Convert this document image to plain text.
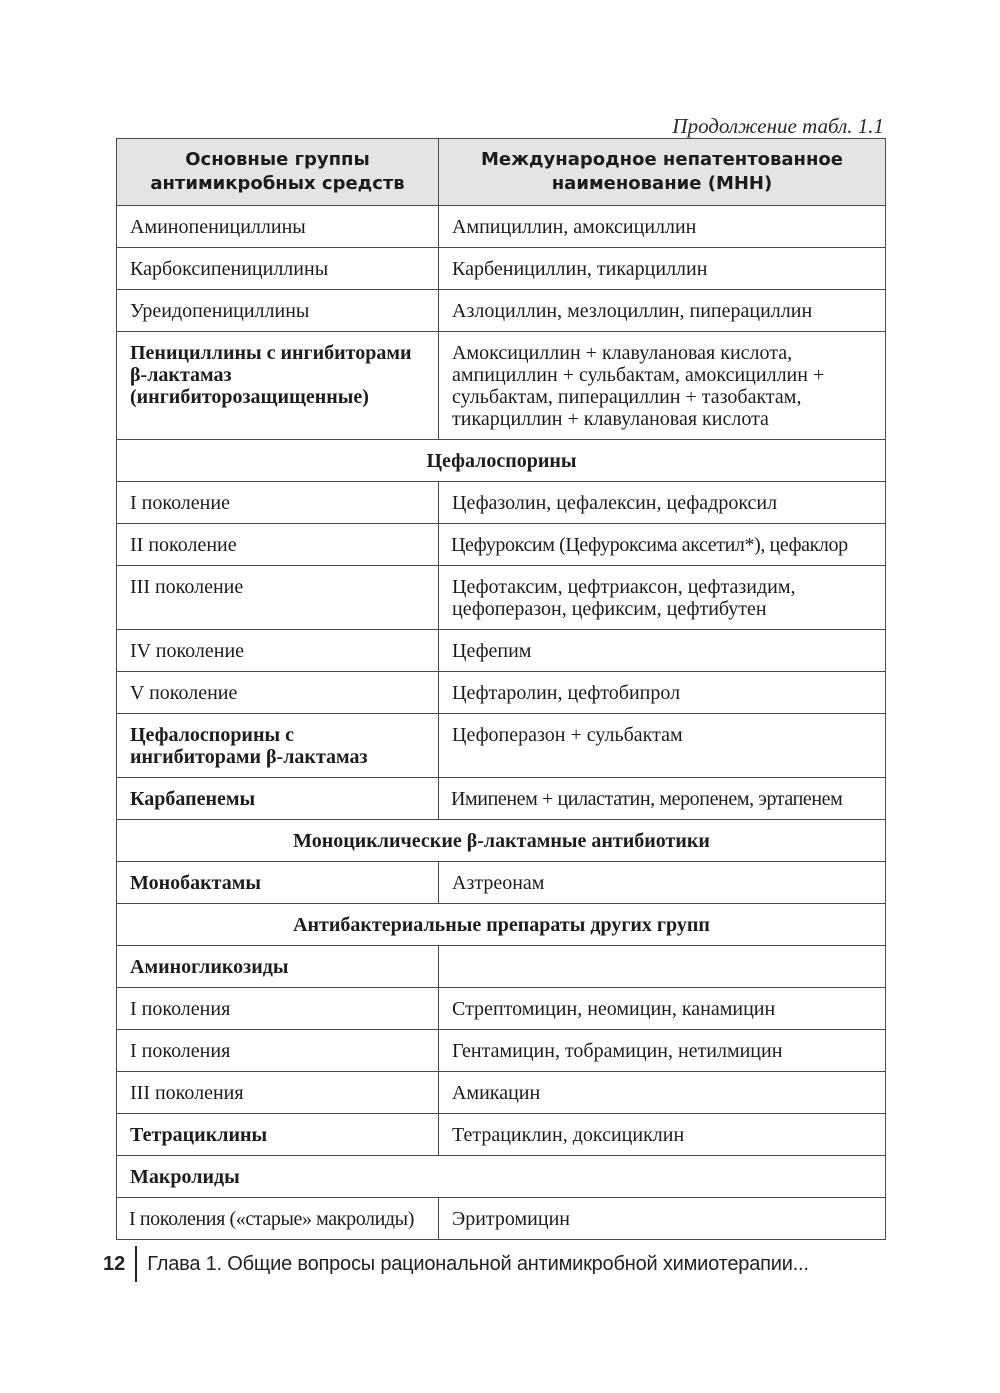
Продолжение табл. 1.1
Основные группы антимикробных средств	Международное непатентованное наименование (МНН)
Аминопенициллины	Ампициллин, амоксициллин
Карбоксипенициллины	Карбенициллин, тикарциллин
Уреидопенициллины	Азлоциллин, мезлоциллин, пиперациллин
Пенициллины с ингибиторами β-лактамаз (ингибиторозащищенные)	Амоксициллин + клавулановая кислота, ампициллин + сульбактам, амоксициллин + сульбактам, пиперациллин + тазобактам, тикарциллин + клавулановая кислота
Цефалоспорины	
I поколение	Цефазолин, цефалексин, цефадроксил
II поколение	Цефуроксим (Цефуроксима аксетил*), цефаклор
III поколение	Цефотаксим, цефтриаксон, цефтазидим, цефоперазон, цефиксим, цефтибутен
IV поколение	Цефепим
V поколение	Цефтаролин, цефтобипрол
Цефалоспорины с ингибиторами β-лактамаз	Цефоперазон + сульбактам
Карбапенемы	Имипенем + циластатин, меропенем, эртапенем
Моноциклические β-лактамные антибиотики	
Монобактамы	Азтреонам
Антибактериальные препараты других групп	
Аминогликозиды	
I поколения	Стрептомицин, неомицин, канамицин
I поколения	Гентамицин, тобрамицин, нетилмицин
III поколения	Амикацин
Тетрациклины	Тетрациклин, доксициклин
Макролиды	
I поколения («старые» макролиды)	Эритромицин
12	Глава 1. Общие вопросы рациональной антимикробной химиотерапии...
